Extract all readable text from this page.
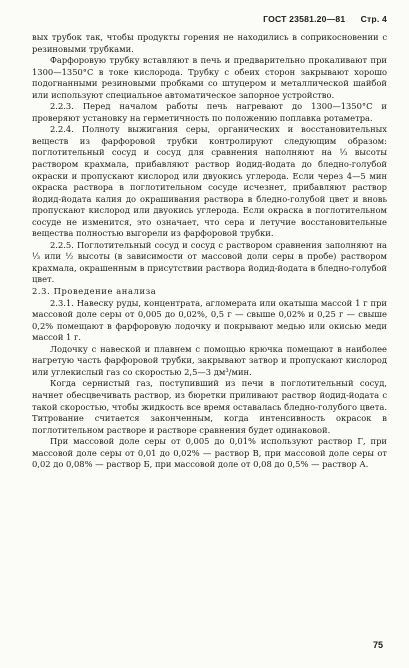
ГОСТ 23581.20—81 Стр. 4

вых трубок так, чтобы продукты горения не находились в соприкосновении с резиновыми трубками.

Фарфоровую трубку вставляют в печь и предварительно прокаливают при 1300—1350°С в токе кислорода. Трубку с обеих сторон закрывают хорошо подогнанными резиновыми пробками со штуцером и металлической шайбой или используют специальное автоматическое запорное устройство.

2.2.3. Перед началом работы печь нагревают до 1300—1350°С и проверяют установку на герметичность по положению поплавка ротаметра.

2.2.4. Полноту выжигания серы, органических и восстановительных веществ из фарфоровой трубки контролируют следующим образом: поглотительный сосуд и сосуд для сравнения наполняют на ⅓ высоты раствором крахмала, прибавляют раствор йодид-йодата до бледно-голубой окраски и пропускают кислород или двуокись углерода. Если через 4—5 мин окраска раствора в поглотительном сосуде исчезнет, прибавляют раствор йодид-йодата калия до окрашивания раствора в бледно-голубой цвет и вновь пропускают кислород или двуокись углерода. Если окраска в поглотительном сосуде не изменится, это означает, что сера и летучие восстановительные вещества полностью выгорели из фарфоровой трубки.

2.2.5. Поглотительный сосуд и сосуд с раствором сравнения заполняют на ⅓ или ½ высоты (в зависимости от массовой доли серы в пробе) раствором крахмала, окрашенным в присутствии раствора йодид-йодата в бледно-голубой цвет.

2.3. Проведение анализа

2.3.1. Навеску руды, концентрата, агломерата или окатыша массой 1 г при массовой доле серы от 0,005 до 0,02%, 0,5 г — свыше 0,02% и 0,25 г — свыше 0,2% помещают в фарфоровую лодочку и покрывают медью или окисью меди массой 1 г.

Лодочку с навеской и плавнем с помощью крючка помещают в наиболее нагретую часть фарфоровой трубки, закрывают затвор и пропускают кислород или углекислый газ со скоростью 2,5—3 дм³/мин.

Когда сернистый газ, поступивший из печи в поглотительный сосуд, начнет обесцвечивать раствор, из бюретки приливают раствор йодид-йодата с такой скоростью, чтобы жидкость все время оставалась бледно-голубого цвета. Титрование считается законченным, когда интенсивность окрасок в поглотительном растворе и растворе сравнения будет одинаковой.

При массовой доле серы от 0,005 до 0,01% используют раствор Г, при массовой доле серы от 0,01 до 0,02% — раствор В, при массовой доле серы от 0,02 до 0,08% — раствор Б, при массовой доле от 0,08 до 0,5% — раствор А.

75
